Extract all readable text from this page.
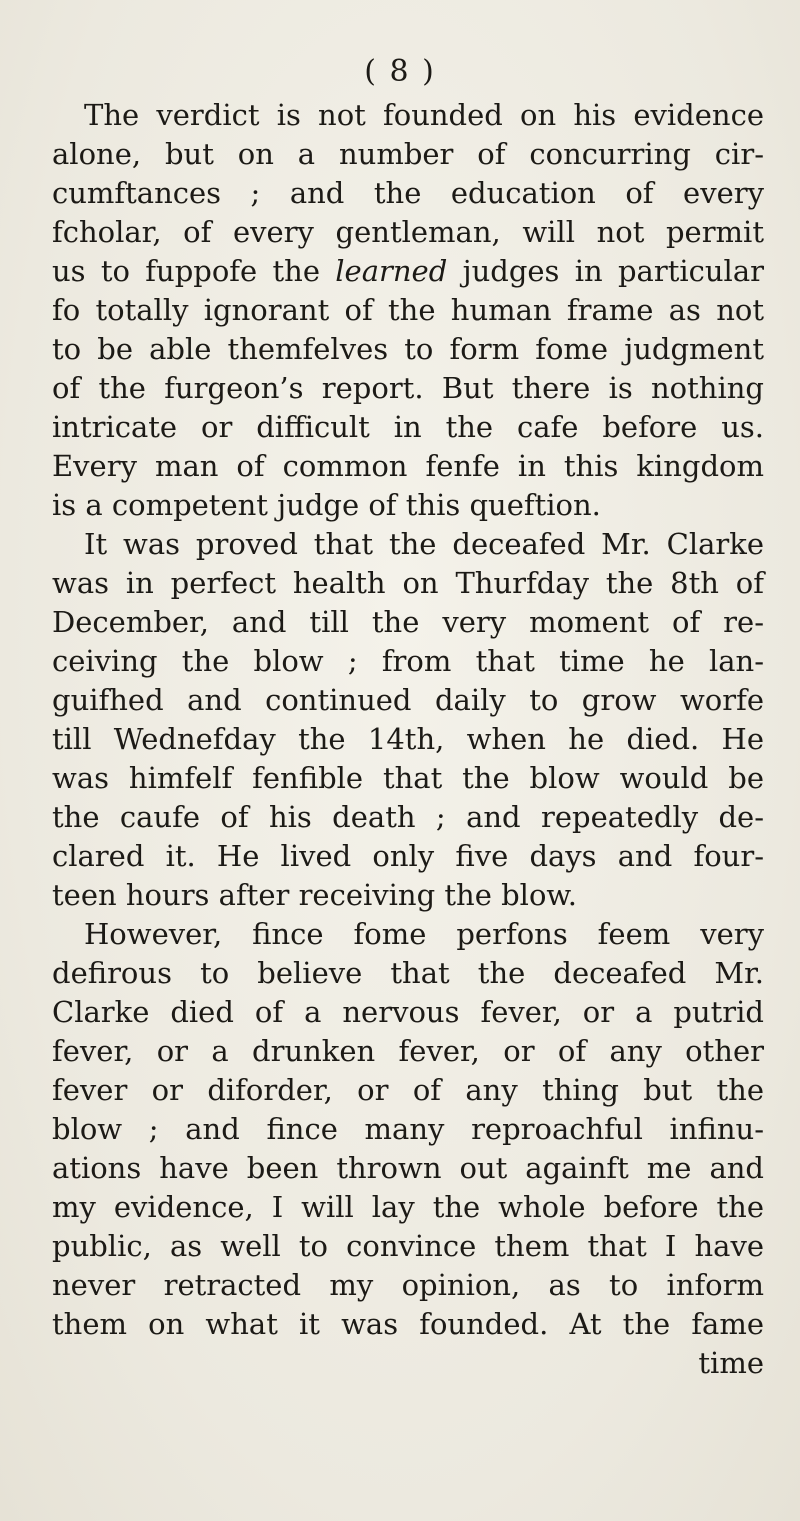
( 8 )
The verdict is not founded on his evidence
alone, but on a number of concurring cir-
cumftances ; and the education of every
fcholar, of every gentleman, will not permit
us to fuppofe the learned judges in particular
fo totally ignorant of the human frame as not
to be able themfelves to form fome judgment
of the furgeon’s report. But there is nothing
intricate or difficult in the cafe before us.
Every man of common fenfe in this kingdom
is a competent judge of this queftion.
It was proved that the deceafed Mr. Clarke
was in perfect health on Thurfday the 8th of
December, and till the very moment of re-
ceiving the blow ; from that time he lan-
guifhed and continued daily to grow worfe
till Wednefday the 14th, when he died. He
was himfelf fenfible that the blow would be
the caufe of his death ; and repeatedly de-
clared it. He lived only five days and four-
teen hours after receiving the blow.
However, fince fome perfons feem very
defirous to believe that the deceafed Mr.
Clarke died of a nervous fever, or a putrid
fever, or a drunken fever, or of any other
fever or diforder, or of any thing but the
blow ; and fince many reproachful infinu-
ations have been thrown out againft me and
my evidence, I will lay the whole before the
public, as well to convince them that I have
never retracted my opinion, as to inform
them on what it was founded. At the fame
time
